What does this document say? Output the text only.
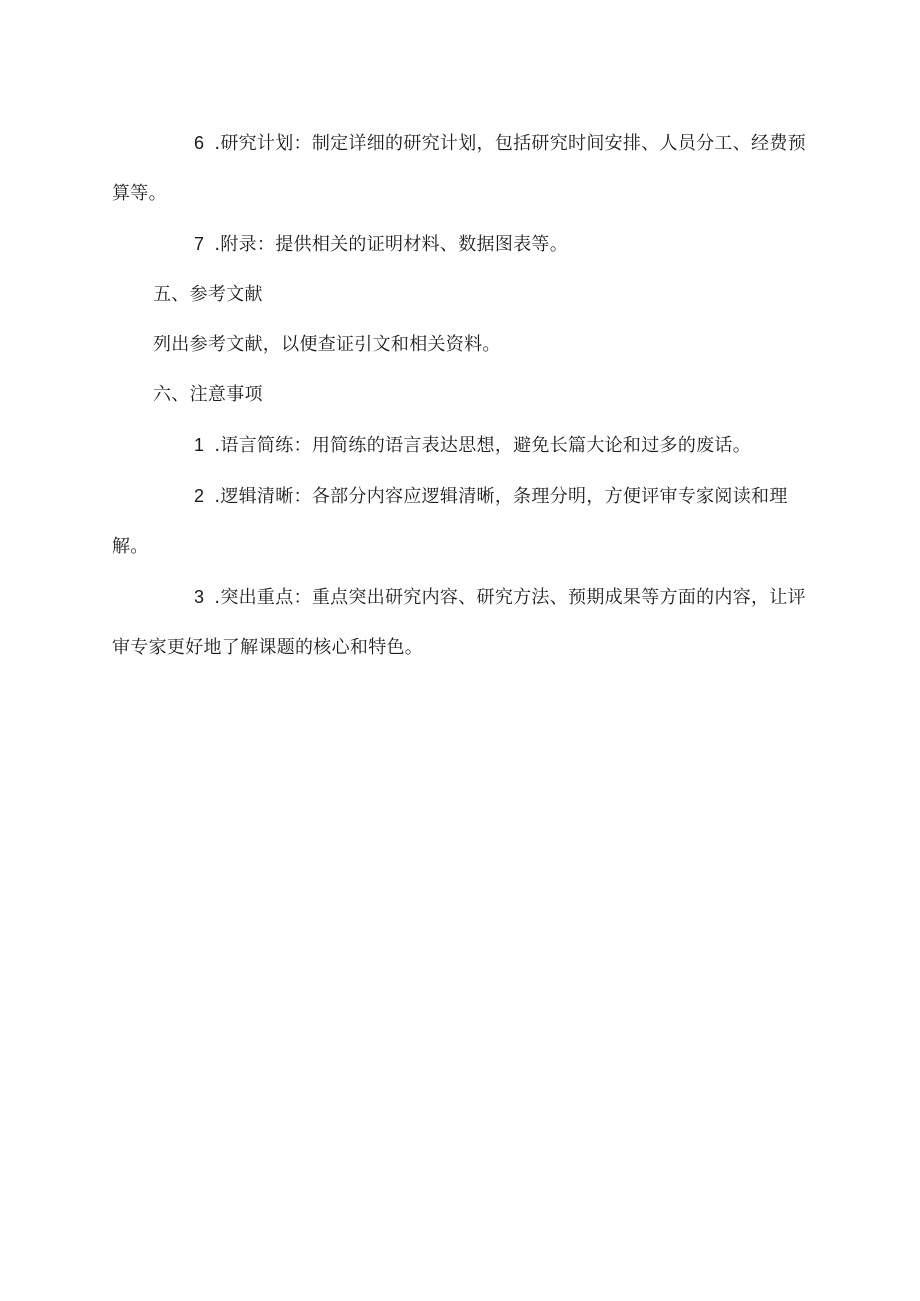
6 .研究计划：制定详细的研究计划，包括研究时间安排、人员分工、经费预算等。

7 .附录：提供相关的证明材料、数据图表等。

五、参考文献

列出参考文献，以便查证引文和相关资料。

六、注意事项

1 .语言简练：用简练的语言表达思想，避免长篇大论和过多的废话。

2 .逻辑清晰：各部分内容应逻辑清晰，条理分明，方便评审专家阅读和理解。

3 .突出重点：重点突出研究内容、研究方法、预期成果等方面的内容，让评审专家更好地了解课题的核心和特色。
